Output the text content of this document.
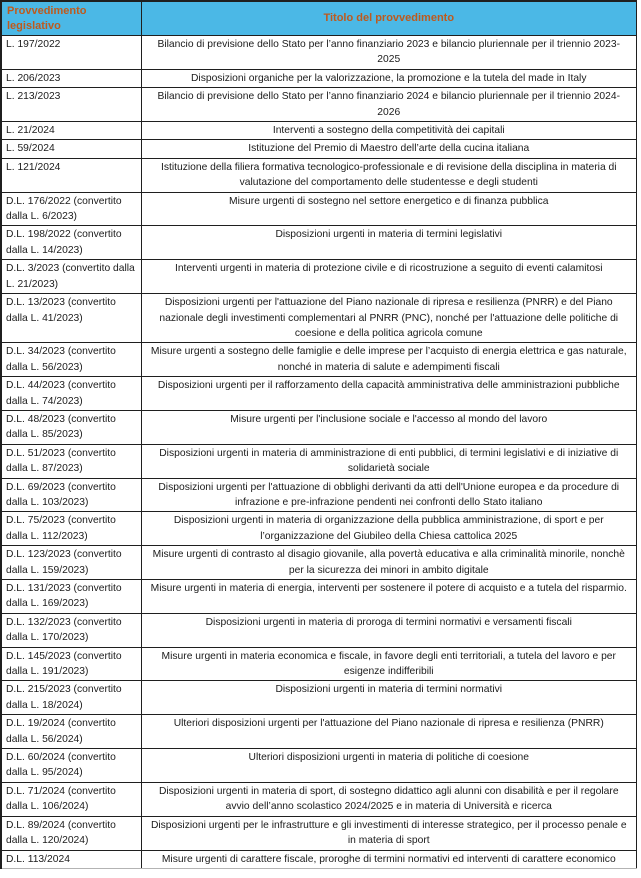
Provvedimento legislativo	Titolo del provvedimento
L. 197/2022	Bilancio di previsione dello Stato per l’anno finanziario 2023 e bilancio pluriennale per il triennio 2023-2025
L. 206/2023	Disposizioni organiche per la valorizzazione, la promozione e la tutela del made in Italy
L. 213/2023	Bilancio di previsione dello Stato per l’anno finanziario 2024 e bilancio pluriennale per il triennio 2024-2026
L. 21/2024	Interventi a sostegno della competitività dei capitali
L. 59/2024	Istituzione del Premio di Maestro dell’arte della cucina italiana
L. 121/2024	Istituzione della filiera formativa tecnologico-professionale e di revisione della disciplina in materia di valutazione del comportamento delle studentesse e degli studenti
D.L. 176/2022 (convertito dalla L. 6/2023)	Misure urgenti di sostegno nel settore energetico e di finanza pubblica
D.L. 198/2022 (convertito dalla L. 14/2023)	Disposizioni urgenti in materia di termini legislativi
D.L. 3/2023 (convertito dalla L. 21/2023)	Interventi urgenti in materia di protezione civile e di ricostruzione a seguito di eventi calamitosi
D.L. 13/2023 (convertito dalla L. 41/2023)	Disposizioni urgenti per l'attuazione del Piano nazionale di ripresa e resilienza (PNRR) e del Piano nazionale degli investimenti complementari al PNRR (PNC), nonché per l'attuazione delle politiche di coesione e della politica agricola comune
D.L. 34/2023 (convertito dalla L. 56/2023)	Misure urgenti a sostegno delle famiglie e delle imprese per l’acquisto di energia elettrica e gas naturale, nonché in materia di salute e adempimenti fiscali
D.L. 44/2023 (convertito dalla L. 74/2023)	Disposizioni urgenti per il rafforzamento della capacità amministrativa delle amministrazioni pubbliche
D.L. 48/2023 (convertito dalla L. 85/2023)	Misure urgenti per l'inclusione sociale e l'accesso al mondo del lavoro
D.L. 51/2023 (convertito dalla L. 87/2023)	Disposizioni urgenti in materia di amministrazione di enti pubblici, di termini legislativi e di iniziative di solidarietà sociale
D.L. 69/2023 (convertito dalla L. 103/2023)	Disposizioni urgenti per l'attuazione di obblighi derivanti da atti dell'Unione europea e da procedure di infrazione e pre-infrazione pendenti nei confronti dello Stato italiano
D.L. 75/2023 (convertito dalla L. 112/2023)	Disposizioni urgenti in materia di organizzazione della pubblica amministrazione, di sport e per l’organizzazione del Giubileo della Chiesa cattolica 2025
D.L. 123/2023 (convertito dalla L. 159/2023)	Misure urgenti di contrasto al disagio giovanile, alla povertà educativa e alla criminalità minorile, nonchè per la sicurezza dei minori in ambito digitale
D.L. 131/2023 (convertito dalla L. 169/2023)	Misure urgenti in materia di energia, interventi per sostenere il potere di acquisto e a tutela del risparmio.
D.L. 132/2023 (convertito dalla L. 170/2023)	Disposizioni urgenti in materia di proroga di termini normativi e versamenti fiscali
D.L. 145/2023 (convertito dalla L. 191/2023)	Misure urgenti in materia economica e fiscale, in favore degli enti territoriali, a tutela del lavoro e per esigenze indifferibili
D.L. 215/2023 (convertito dalla L. 18/2024)	Disposizioni urgenti in materia di termini normativi
D.L. 19/2024 (convertito dalla L. 56/2024)	Ulteriori disposizioni urgenti per l'attuazione del Piano nazionale di ripresa e resilienza (PNRR)
D.L. 60/2024 (convertito dalla L. 95/2024)	Ulteriori disposizioni urgenti in materia di politiche di coesione
D.L. 71/2024 (convertito dalla L. 106/2024)	Disposizioni urgenti in materia di sport, di sostegno didattico agli alunni con disabilità e per il regolare avvio dell’anno scolastico 2024/2025 e in materia di Università e ricerca
D.L. 89/2024 (convertito dalla L. 120/2024)	Disposizioni urgenti per le infrastrutture e gli investimenti di interesse strategico, per il processo penale e in materia di sport
D.L. 113/2024	Misure urgenti di carattere fiscale, proroghe di termini normativi ed interventi di carattere economico
